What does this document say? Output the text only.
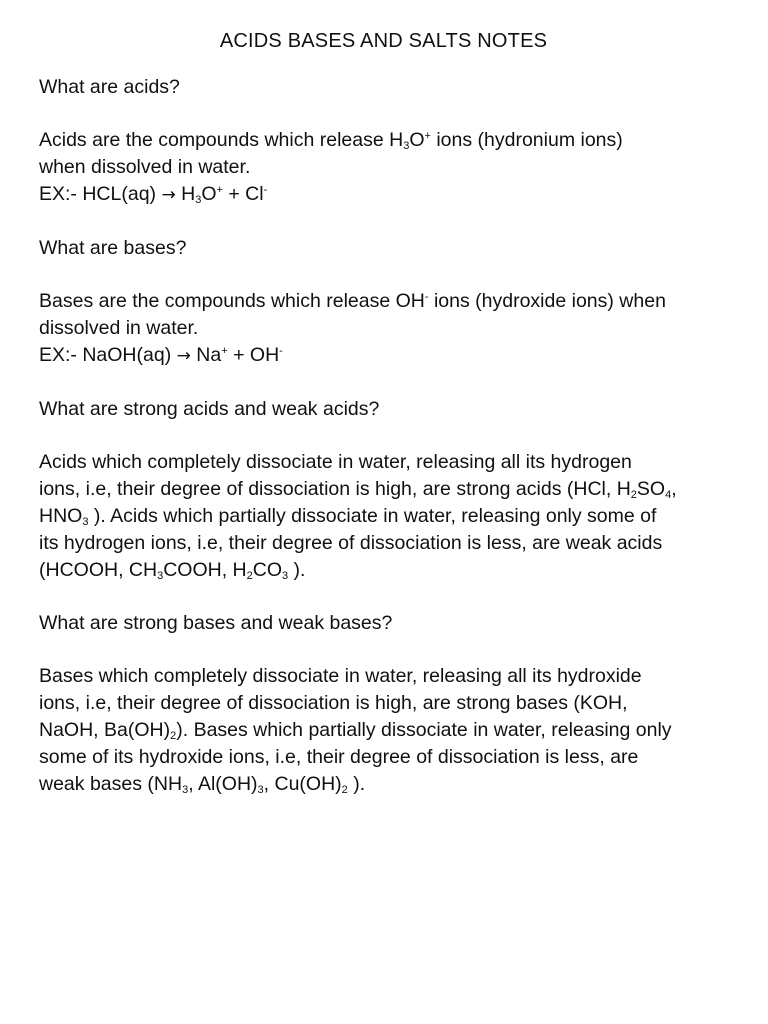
ACIDS BASES AND SALTS NOTES
What are acids?
Acids are the compounds which release $H_3O^+$ ions (hydronium ions)
when dissolved in water.
EX:- $HCL(aq) \to H_3O^+ + Cl^-$
What are bases?
Bases are the compounds which release OH- ions (hydroxide ions) when
dissolved in water.
EX:- NaOH(aq) → Na+ + OH-
What are strong acids and weak acids?
Acids which completely dissociate in water, releasing all its hydrogen
ions, i.e, their degree of dissociation is high, are strong acids (HCl, $H_2SO_4$,
$HNO_3$ ). Acids which partially dissociate in water, releasing only some of
its hydrogen ions, i.e, their degree of dissociation is less, are weak acids
(HCOOH, $CH_3COOH$, $H_2CO_3$ ).
What are strong bases and weak bases?
Bases which completely dissociate in water, releasing all its hydroxide
ions, i.e, their degree of dissociation is high, are strong bases (KOH,
NaOH, $Ba(OH)_2$). Bases which partially dissociate in water, releasing only
some of its hydroxide ions, i.e, their degree of dissociation is less, are
weak bases ($NH_3$, $Al(OH)_3$, $Cu(OH)_2$ ).
